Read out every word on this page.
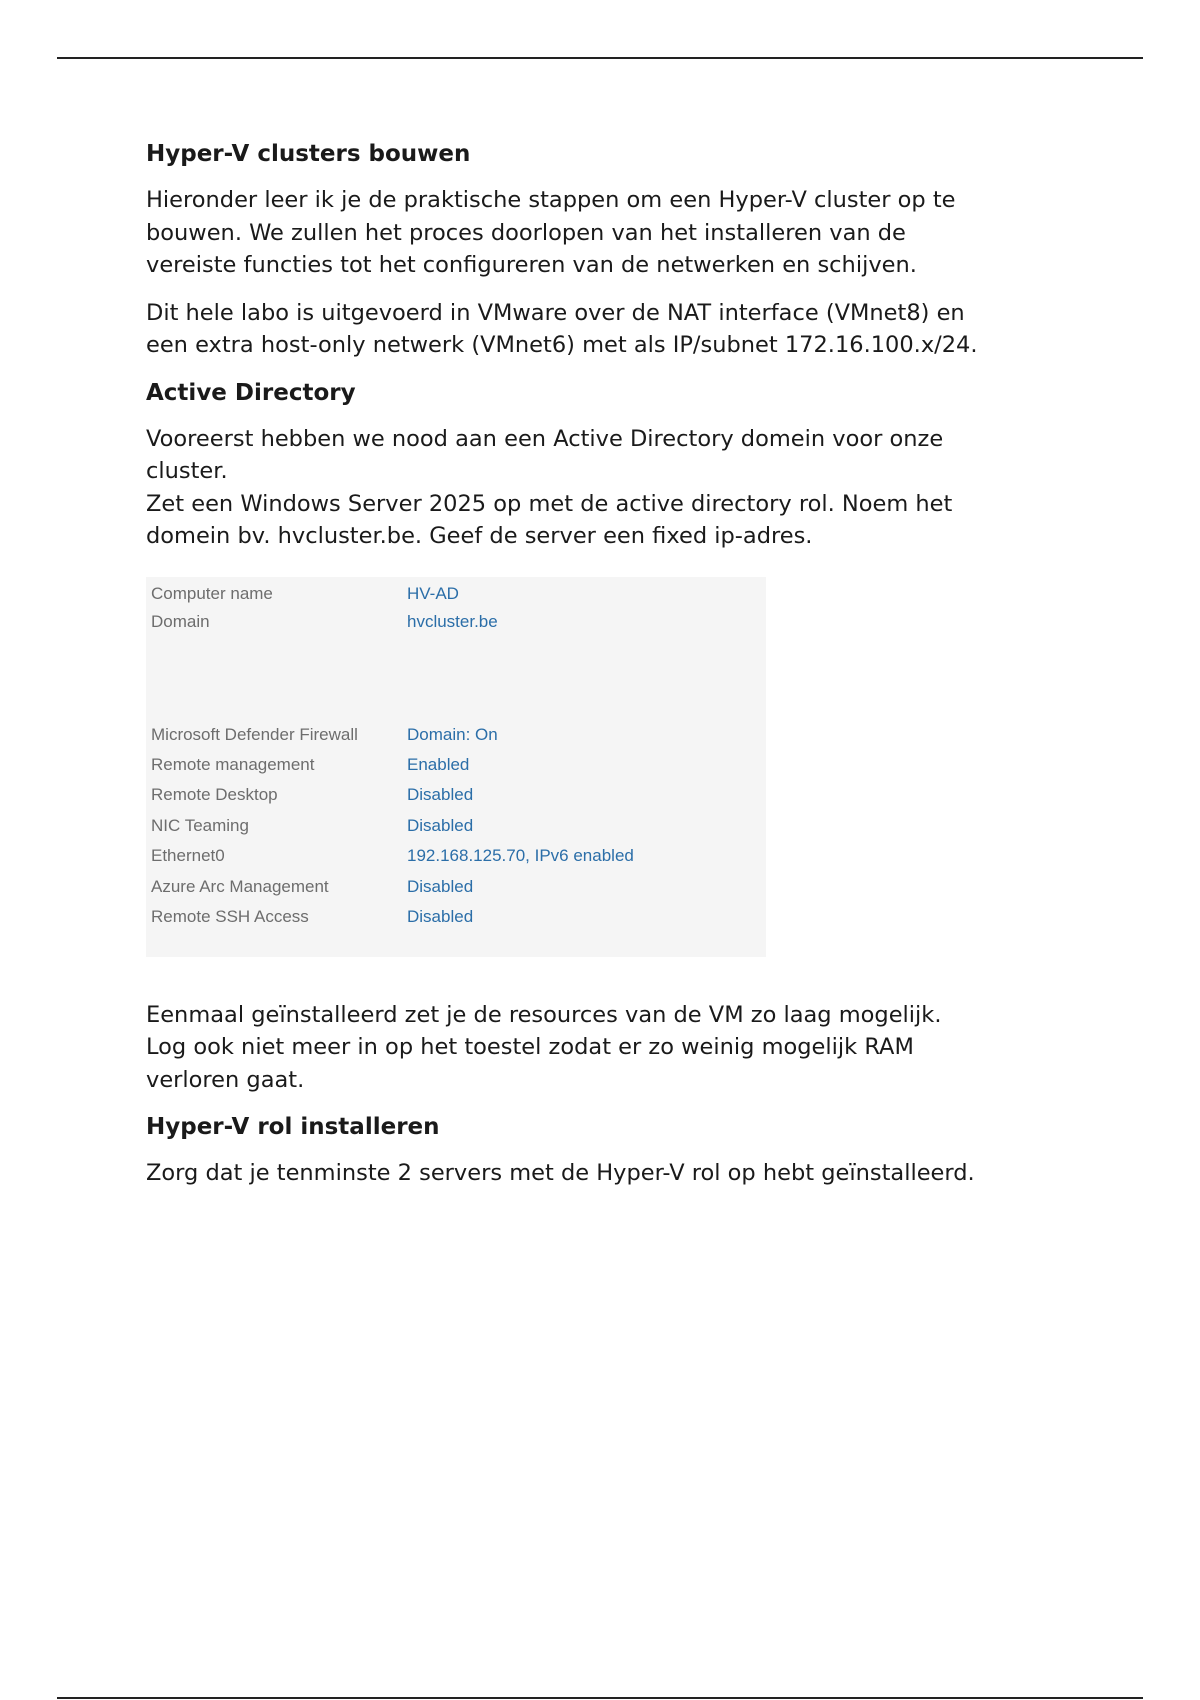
Hyper-V clusters bouwen
Hieronder leer ik je de praktische stappen om een Hyper-V cluster op te
bouwen. We zullen het proces doorlopen van het installeren van de
vereiste functies tot het configureren van de netwerken en schijven.
Dit hele labo is uitgevoerd in VMware over de NAT interface (VMnet8) en
een extra host-only netwerk (VMnet6) met als IP/subnet 172.16.100.x/24.
Active Directory
Vooreerst hebben we nood aan een Active Directory domein voor onze
cluster.
Zet een Windows Server 2025 op met de active directory rol. Noem het
domein bv. hvcluster.be. Geef de server een fixed ip-adres.
Computer name	HV-AD
Domain	hvcluster.be
Microsoft Defender Firewall	Domain: On
Remote management	Enabled
Remote Desktop	Disabled
NIC Teaming	Disabled
Ethernet0	192.168.125.70, IPv6 enabled
Azure Arc Management	Disabled
Remote SSH Access	Disabled
Eenmaal geïnstalleerd zet je de resources van de VM zo laag mogelijk.
Log ook niet meer in op het toestel zodat er zo weinig mogelijk RAM
verloren gaat.
Hyper-V rol installeren
Zorg dat je tenminste 2 servers met de Hyper-V rol op hebt geïnstalleerd.
